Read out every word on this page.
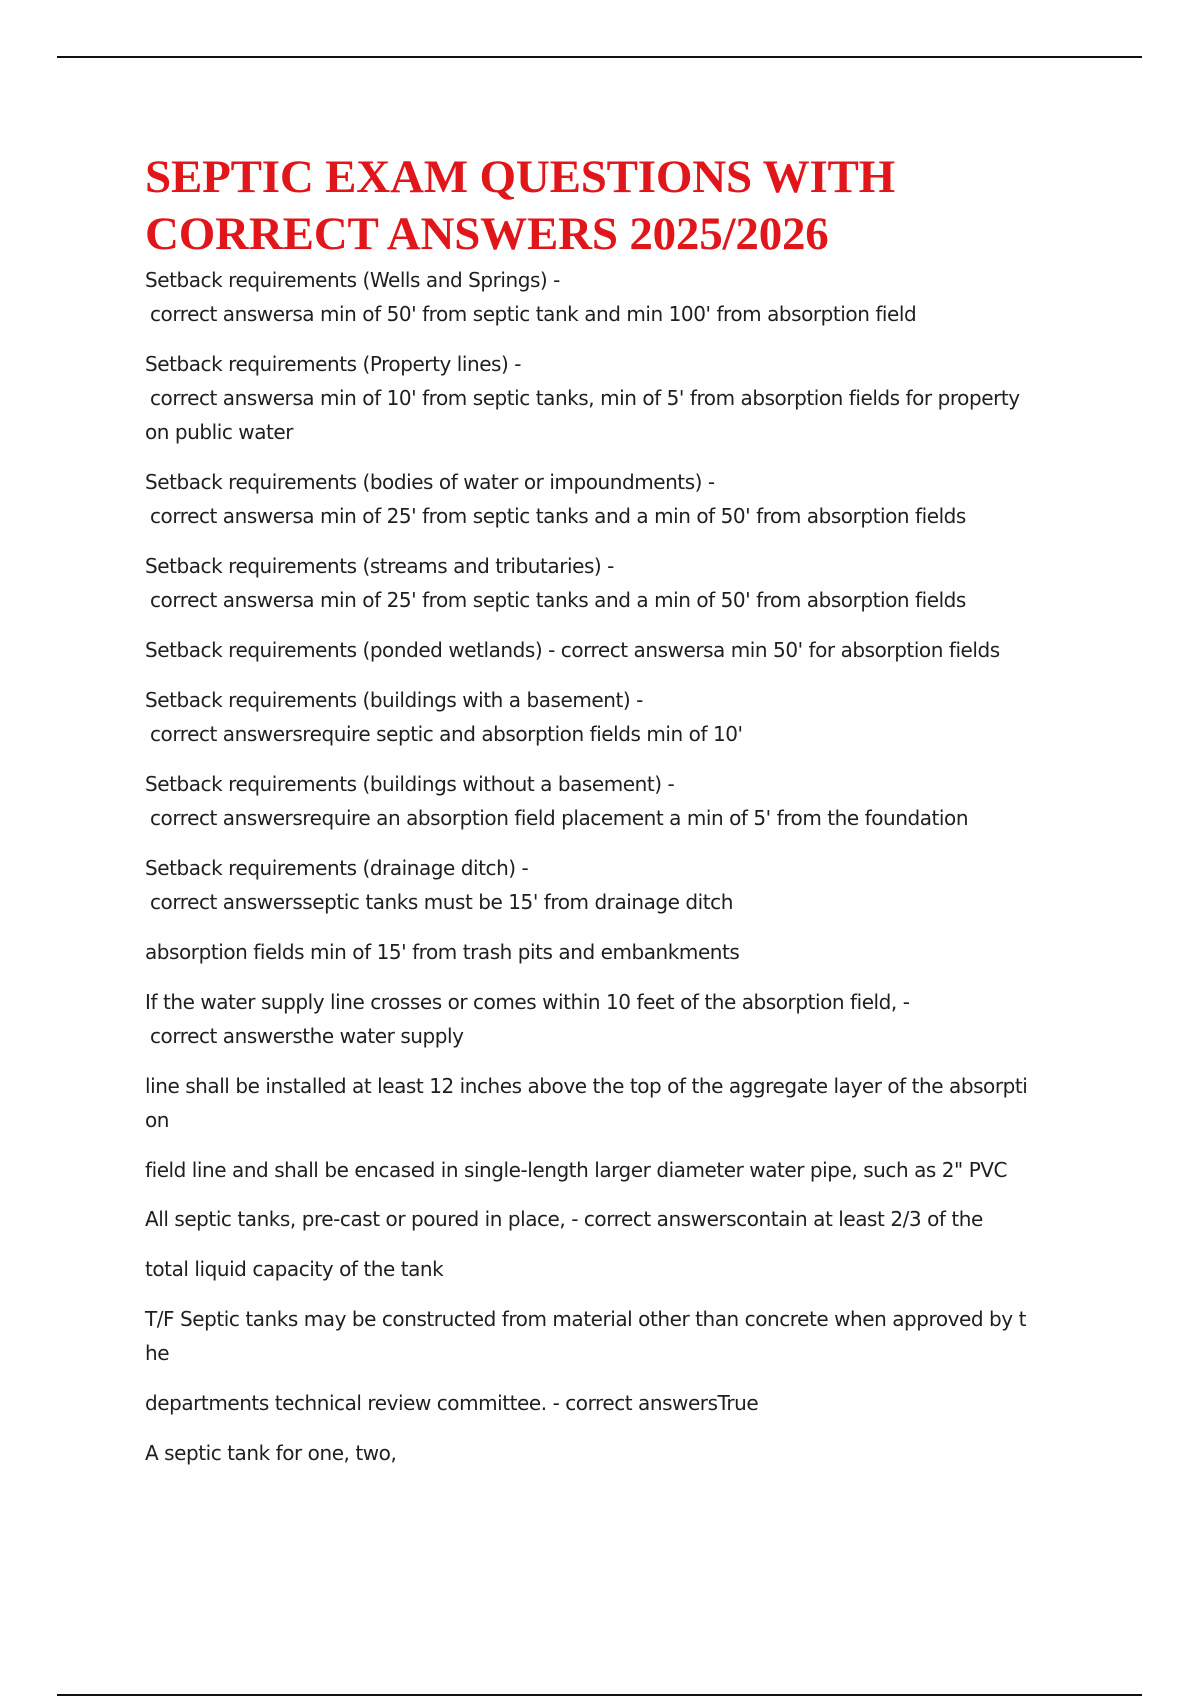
SEPTIC EXAM QUESTIONS WITH
CORRECT ANSWERS 2025/2026
Setback requirements (Wells and Springs) -
correct answersa min of 50' from septic tank and min 100' from absorption field
Setback requirements (Property lines) -
correct answersa min of 10' from septic tanks, min of 5' from absorption fields for property
on public water
Setback requirements (bodies of water or impoundments) -
correct answersa min of 25' from septic tanks and a min of 50' from absorption fields
Setback requirements (streams and tributaries) -
correct answersa min of 25' from septic tanks and a min of 50' from absorption fields
Setback requirements (ponded wetlands) - correct answersa min 50' for absorption fields
Setback requirements (buildings with a basement) -
correct answersrequire septic and absorption fields min of 10'
Setback requirements (buildings without a basement) -
correct answersrequire an absorption field placement a min of 5' from the foundation
Setback requirements (drainage ditch) -
correct answersseptic tanks must be 15' from drainage ditch
absorption fields min of 15' from trash pits and embankments
If the water supply line crosses or comes within 10 feet of the absorption field, -
correct answersthe water supply
line shall be installed at least 12 inches above the top of the aggregate layer of the absorpti
on
field line and shall be encased in single-length larger diameter water pipe, such as 2" PVC
All septic tanks, pre-cast or poured in place, - correct answerscontain at least 2/3 of the
total liquid capacity of the tank
T/F Septic tanks may be constructed from material other than concrete when approved by t
he
departments technical review committee. - correct answersTrue
A septic tank for one, two,
